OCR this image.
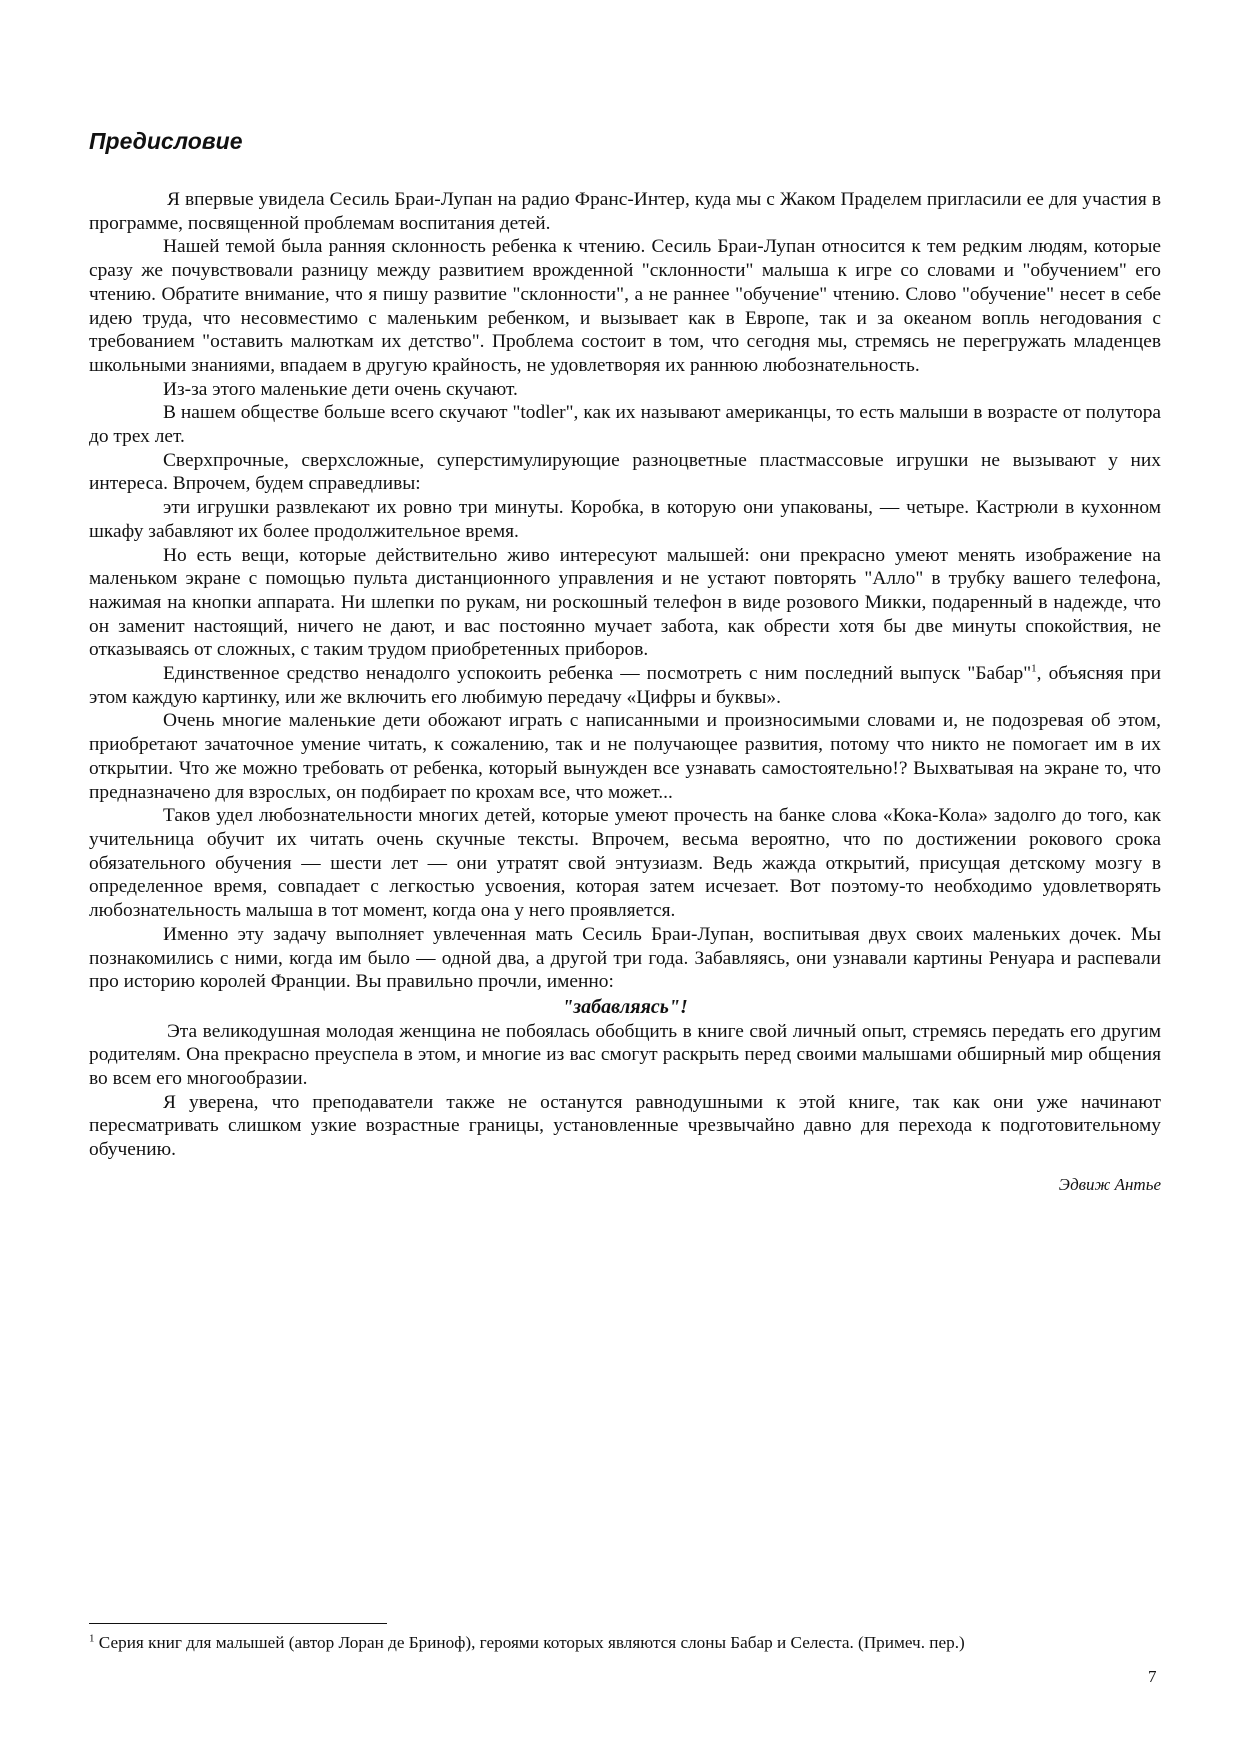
Предисловие

Я впервые увидела Сесиль Браи-Лупан на радио Франс-Интер, куда мы с Жаком Праделем пригласили ее для участия в программе, посвященной проблемам воспитания детей.

Нашей темой была ранняя склонность ребенка к чтению. Сесиль Браи-Лупан относится к тем редким людям, которые сразу же почувствовали разницу между развитием врожденной "склонности" малыша к игре со словами и "обучением" его чтению. Обратите внимание, что я пишу развитие "склонности", а не раннее "обучение" чтению. Слово "обучение" несет в себе идею труда, что несовместимо с маленьким ребенком, и вызывает как в Европе, так и за океаном вопль негодования с требованием "оставить малюткам их детство". Проблема состоит в том, что сегодня мы, стремясь не перегружать младенцев школьными знаниями, впадаем в другую крайность, не удовлетворяя их раннюю любознательность.

Из-за этого маленькие дети очень скучают.

В нашем обществе больше всего скучают "todler", как их называют американцы, то есть малыши в возрасте от полутора до трех лет.

Сверхпрочные, сверхсложные, суперстимулирующие разноцветные пластмассовые игрушки не вызывают у них интереса. Впрочем, будем справедливы:

эти игрушки развлекают их ровно три минуты. Коробка, в которую они упакованы, — четыре. Кастрюли в кухонном шкафу забавляют их более продолжительное время.

Но есть вещи, которые действительно живо интересуют малышей: они прекрасно умеют менять изображение на маленьком экране с помощью пульта дистанционного управления и не устают повторять "Алло" в трубку вашего телефона, нажимая на кнопки аппарата. Ни шлепки по рукам, ни роскошный телефон в виде розового Микки, подаренный в надежде, что он заменит настоящий, ничего не дают, и вас постоянно мучает забота, как обрести хотя бы две минуты спокойствия, не отказываясь от сложных, с таким трудом приобретенных приборов.

Единственное средство ненадолго успокоить ребенка — посмотреть с ним последний выпуск "Бабар"$^1$, объясняя при этом каждую картинку, или же включить его любимую передачу «Цифры и буквы».

Очень многие маленькие дети обожают играть с написанными и произносимыми словами и, не подозревая об этом, приобретают зачаточное умение читать, к сожалению, так и не получающее развития, потому что никто не помогает им в их открытии. Что же можно требовать от ребенка, который вынужден все узнавать самостоятельно!? Выхватывая на экране то, что предназначено для взрослых, он подбирает по крохам все, что может...

Таков удел любознательности многих детей, которые умеют прочесть на банке слова «Кока-Кола» задолго до того, как учительница обучит их читать очень скучные тексты. Впрочем, весьма вероятно, что по достижении рокового срока обязательного обучения — шести лет — они утратят свой энтузиазм. Ведь жажда открытий, присущая детскому мозгу в определенное время, совпадает с легкостью усвоения, которая затем исчезает. Вот поэтому-то необходимо удовлетворять любознательность малыша в тот момент, когда она у него проявляется.

Именно эту задачу выполняет увлеченная мать Сесиль Браи-Лупан, воспитывая двух своих маленьких дочек. Мы познакомились с ними, когда им было — одной два, а другой три года. Забавляясь, они узнавали картины Ренуара и распевали про историю королей Франции. Вы правильно прочли, именно:

"забавляясь"!

Эта великодушная молодая женщина не побоялась обобщить в книге свой личный опыт, стремясь передать его другим родителям. Она прекрасно преуспела в этом, и многие из вас смогут раскрыть перед своими малышами обширный мир общения во всем его многообразии.

Я уверена, что преподаватели также не останутся равнодушными к этой книге, так как они уже начинают пересматривать слишком узкие возрастные границы, установленные чрезвычайно давно для перехода к подготовительному обучению.

Эдвиж Антье

$^1$ Серия книг для малышей (автор Лоран де Бриноф), героями которых являются слоны Бабар и Селеста. (Примеч. пер.)

7
